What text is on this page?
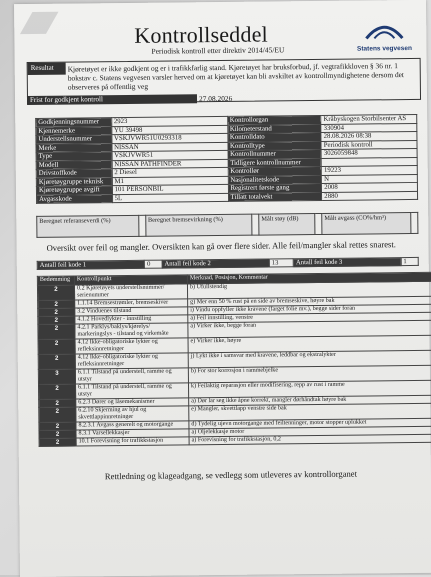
Kontrollseddel
Periodisk kontroll etter direktiv 2014/45/EU	Statens vegvesen
Resultat	Kjøretøyet er ikke godkjent og er i trafikkfarlig stand. Kjøretøyet har bruksforbud, jf. vegtrafikkloven § 36 nr. 1 bokstav c. Statens vegvesen varsler herved om at kjøretøyet kan bli avskiltet av kontrollmyndighetene dersom det observeres på offentlig veg
Frist for godkjent kontroll	27.08.2026
Godkjenningsnummer	2923	Kontrollorgan	Kråbyskogen Storbilsenter AS
Kjennemerke	YU 39498	Kilometerstand	330904
Understellsnummer	VSKJVWR51U0293318	Kontrolldato	28.08.2026 08:38
Merke	NISSAN	Kontrolltype	Periodisk kontroll
Type	VSKJVWR51	Kontrollnummer	3026059848
Modell	NISSAN PATHFINDER	Tidligere kontrollnummer	
Drivstoffkode	2 Diesel	Kontrollør	19223
Kjøretøygruppe teknisk	M1	Nasjonalitetskode	N
Kjøretøygruppe avgift	101 PERSONBIL	Registrert første gang	2008
Avgasskode	5L	Tillatt totalvekt	2880
Beregnet referanseverdi (%)		Beregnet bremsevirkning (%)		Målt støy (dB)		Målt avgass (CO%/hm³)	
Oversikt over feil og mangler. Oversikten kan gå over flere sider. Alle feil/mangler skal rettes snarest.
Antall feil kode 1	0	Antall feil kode 2	13	Antall feil kode 3	1
Bedømming	Kontrollpunkt	Merknad, Posisjon, Kommentar
2	0.2 Kjøretøyets understellsnummer/ serienummer	b) Ufullstendig
2	1.1.14 Bremsestrømler, bremseskiver	g) Mer enn 50 % rust på en side av bremseskive, høyre bak
2	3.2 Vinduenes tilstand	i) Vindu oppfyller ikke kravene (farget folie mv.), begge sider foran
2	4.1.2 Hovedlykter - innstilling	a) Feil innstilling, venstre
2	4.2.1 Parklys/baklys/kjørelys/ markeringslys - tilstand og virkemåte	a) Virker ikke, begge foran
2	4.12 Ikke-obligatoriske lykter og refleksinnretninger	e) Virker ikke, høyre
2	4.12 Ikke-obligatoriske lykter og refleksinnretninger	j) Lykt ikke i samsvar med kravene, leddbar og ekstralykter
3	6.1.1 Tilstand på understell, ramme og utstyr	b) For stor korrosjon i rammebjelke
2	6.1.1 Tilstand på understell, ramme og utstyr	k) Feilaktig reparasjon eller modifisering, repp av rust i ramme
2	6.2.3 Dører og låsemekanismer	a) Dør lar seg ikke åpne korrekt, mangler dørhåndtak høyre bak
2	6.2.10 Skjerming av hjul og skvettlappinnretninger	e) Mangler, skvettlapp venstre side bak
2	8.2.3.1 Avgass generelt og motorgange	d) Tydelig ujevn motorgange med feiltenninger, motor stopper uplukket
2	8.3.1 Varsellekkasjer	a) Oljelekkasje motor
2	10.1 Forevisning for trafikkstasjon	a) Forevisning for trafikkstasjon, 0,2
Rettledning og klageadgang, se vedlegg som utleveres av kontrollorganet
